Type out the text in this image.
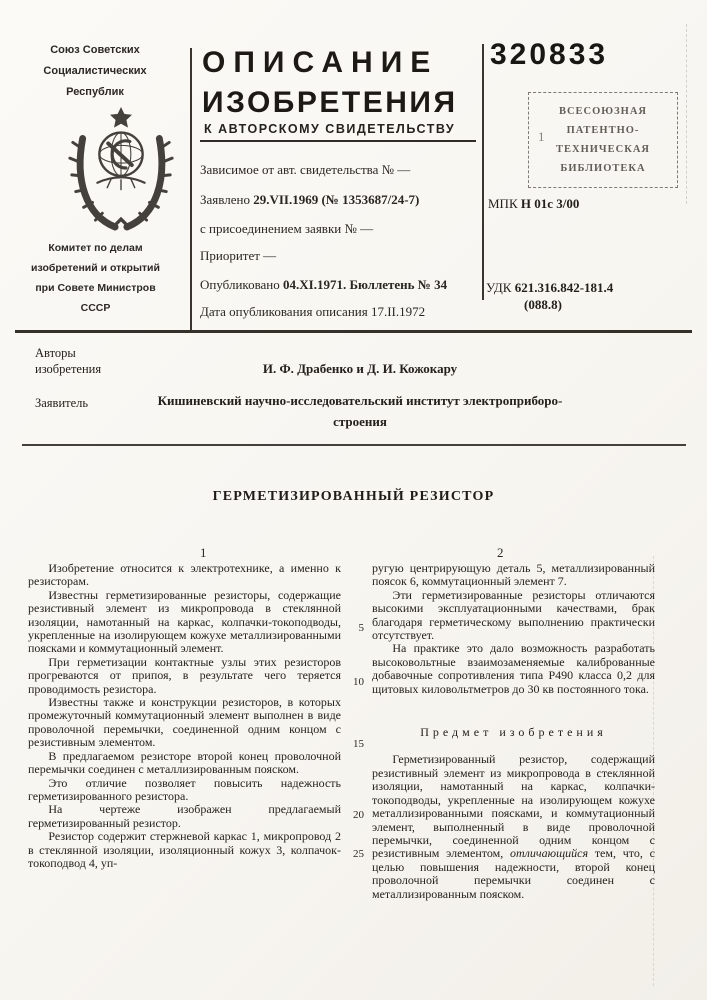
Союз Советских
Социалистических
Республик
Комитет по делам
изобретений и открытий
при Совете Министров
СССР
ОПИСАНИЕ
ИЗОБРЕТЕНИЯ
К АВТОРСКОМУ СВИДЕТЕЛЬСТВУ
Зависимое от авт. свидетельства № —
Заявлено 29.VII.1969 (№ 1353687/24-7)
с присоединением заявки № —
Приоритет —
Опубликовано 04.XI.1971. Бюллетень № 34
Дата опубликования описания 17.II.1972
320833
1
ВСЕСОЮЗНАЯ
ПАТЕНТНО-
ТЕХНИЧЕСКАЯ
БИБЛИОТЕКА
МПК Н 01с 3/00
УДК 621.316.842-181.4
(088.8)
Авторы
изобретения	И. Ф. Драбенко и Д. И. Кожокару
Заявитель	Кишиневский научно-исследовательский институт электроприборо-
строения
ГЕРМЕТИЗИРОВАННЫЙ РЕЗИСТОР
1	2
5
10
15
20
25

Изобретение относится к электротехнике, а именно к резисторам.

Известны герметизированные резисторы, содержащие резистивный элемент из микропровода в стеклянной изоляции, намотанный на каркас, колпачки-токоподводы, укрепленные на изолирующем кожухе металлизированными поясками и коммутационный элемент.

При герметизации контактные узлы этих резисторов прогреваются от припоя, в результате чего теряется проводимость резистора.

Известны также и конструкции резисторов, в которых промежуточный коммутационный элемент выполнен в виде проволочной перемычки, соединенной одним концом с резистивным элементом.

В предлагаемом резисторе второй конец проволочной перемычки соединен с металлизированным пояском.

Это отличие позволяет повысить надежность герметизированного резистора.

На чертеже изображен предлагаемый герметизированный резистор.

Резистор содержит стержневой каркас 1, микропровод 2 в стеклянной изоляции, изоляционный кожух 3, колпачок-токоподвод 4, уп-

ругую центрирующую деталь 5, металлизированный поясок 6, коммутационный элемент 7.

Эти герметизированные резисторы отличаются высокими эксплуатационными качествами, брак благодаря герметическому выполнению практически отсутствует.

На практике это дало возможность разработать высоковольтные взаимозаменяемые калиброванные добавочные сопротивления типа Р490 класса 0,2 для щитовых киловольтметров до 30 кв постоянного тока.

Предмет изобретения

Герметизированный резистор, содержащий резистивный элемент из микропровода в стеклянной изоляции, намотанный на каркас, колпачки-токоподводы, укрепленные на изолирующем кожухе металлизированными поясками, и коммутационный элемент, выполненный в виде проволочной перемычки, соединенной одним концом с резистивным элементом, отличающийся тем, что, с целью повышения надежности, второй конец проволочной перемычки соединен с металлизированным пояском.
